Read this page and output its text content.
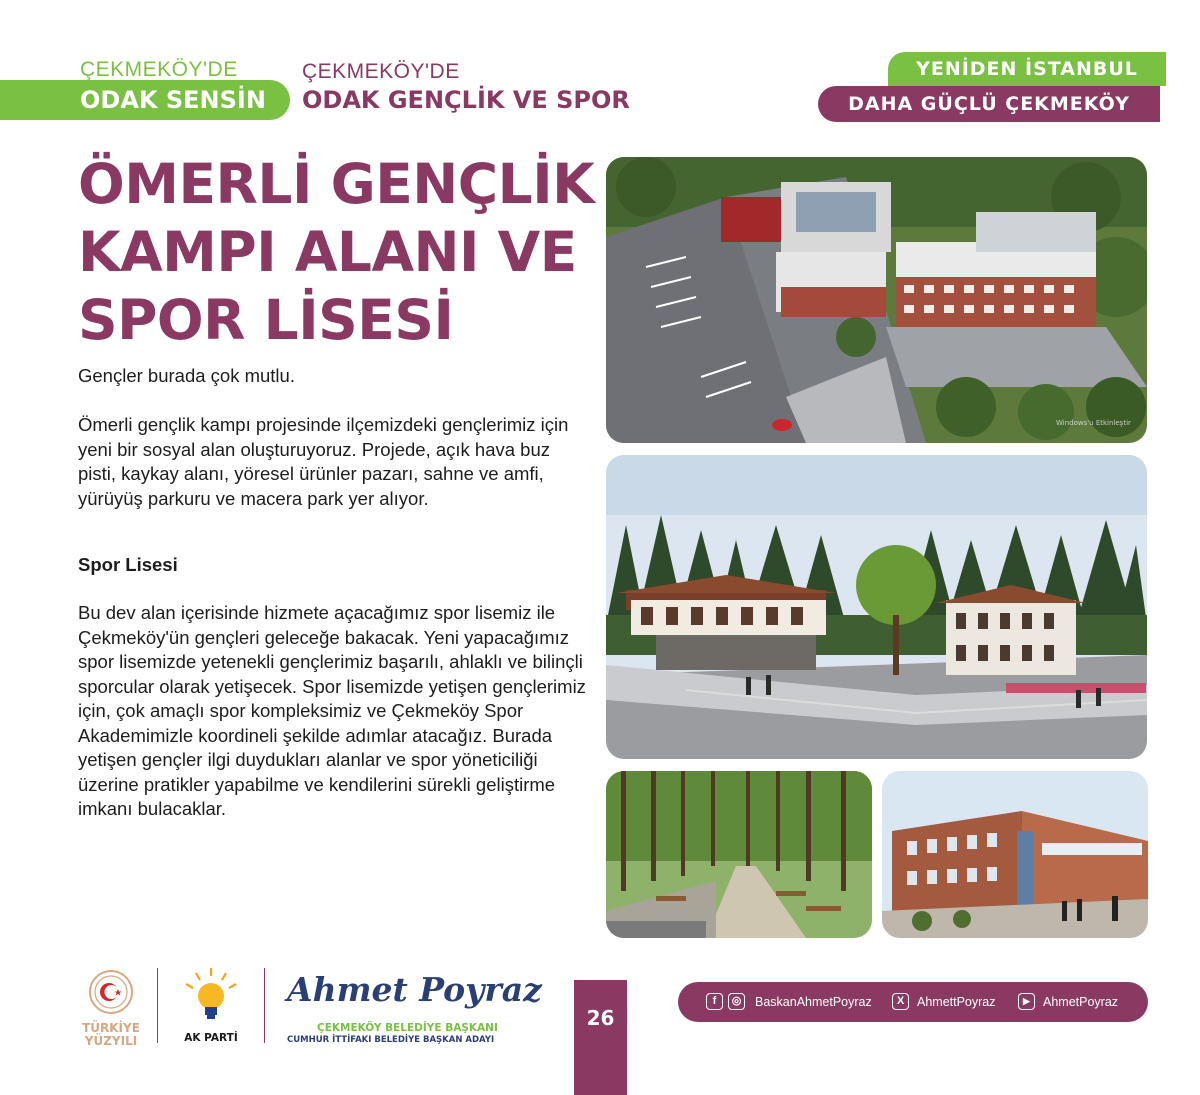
ÇEKMEKÖY'DE
ODAK SENSİN
ÇEKMEKÖY'DE
ODAK GENÇLİK VE SPOR
YENİDEN İSTANBUL
DAHA GÜÇLÜ ÇEKMEKÖY
ÖMERLİ GENÇLİK
KAMPI ALANI VE
SPOR LİSESİ
Gençler burada çok mutlu.
Ömerli gençlik kampı projesinde ilçemizdeki gençlerimiz için yeni bir sosyal alan oluşturuyoruz. Projede, açık hava buz pisti, kaykay alanı, yöresel ürünler pazarı, sahne ve amfi, yürüyüş parkuru ve macera park yer alıyor.
Spor Lisesi
Bu dev alan içerisinde hizmete açacağımız spor lisemiz ile Çekmeköy'ün gençleri geleceğe bakacak. Yeni yapacağımız spor lisemizde yetenekli gençlerimiz başarılı, ahlaklı ve bilinçli sporcular olarak yetişecek. Spor lisemizde yetişen gençlerimiz için, çok amaçlı spor kompleksimiz ve Çekmeköy Spor Akademimizle koordineli şekilde adımlar atacağız. Burada yetişen gençler ilgi duydukları alanlar ve spor yöneticiliği üzerine pratikler yapabilme ve kendilerini sürekli geliştirme imkanı bulacaklar.
Windows'u Etkinleştir
TÜRKİYE
YÜZYILI	AK PARTİ
Ahmet Poyraz
ÇEKMEKÖY BELEDİYE BAŞKANI
CUMHUR İTTİFAKI BELEDİYE BAŞKAN ADAYI
26
f	◎ BaskanAhmetPoyraz	X	AhmettPoyraz	▶	AhmetPoyraz
